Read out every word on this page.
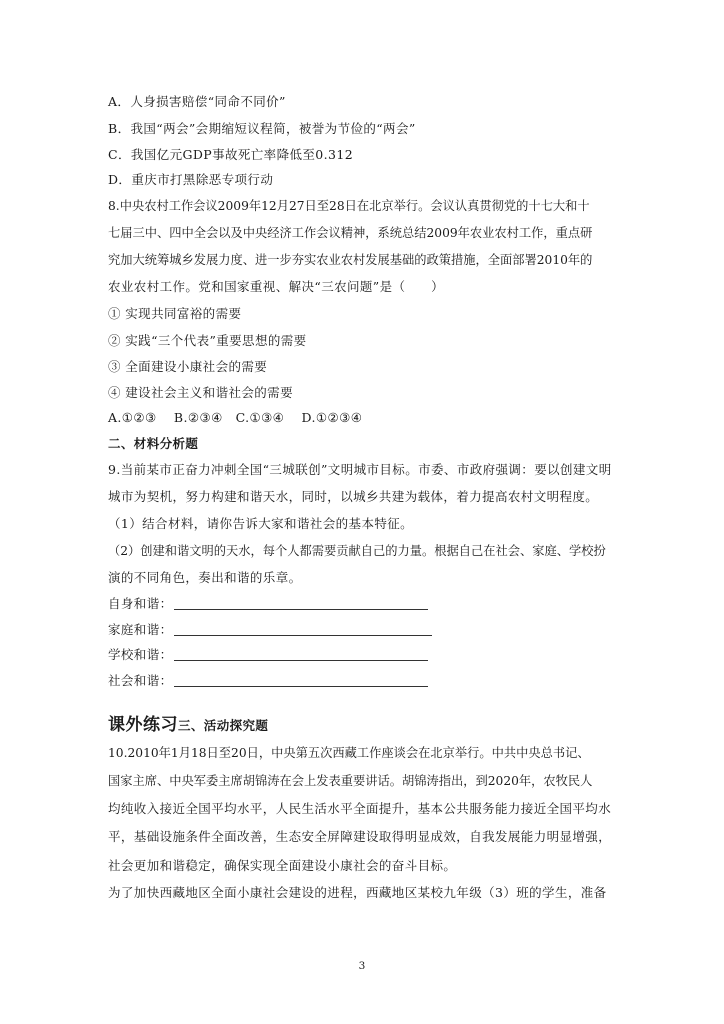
A．人身损害赔偿“同命不同价”
B．我国“两会”会期缩短议程简，被誉为节俭的“两会”
C．我国亿元GDP事故死亡率降低至0.312
D．重庆市打黑除恶专项行动
8.中央农村工作会议2009年12月27日至28日在北京举行。会议认真贯彻党的十七大和十
七届三中、四中全会以及中央经济工作会议精神，系统总结2009年农业农村工作，重点研
究加大统筹城乡发展力度、进一步夯实农业农村发展基础的政策措施，全面部署2010年的
农业农村工作。党和国家重视、解决“三农问题”是（　　）
① 实现共同富裕的需要
② 实践“三个代表”重要思想的需要
③ 全面建设小康社会的需要
④ 建设社会主义和谐社会的需要
A.①②③　 B.②③④　C.①③④　 D.①②③④
二、材料分析题
9.当前某市正奋力冲刺全国“三城联创”文明城市目标。市委、市政府强调：要以创建文明
城市为契机，努力构建和谐天水，同时，以城乡共建为载体，着力提高农村文明程度。
（1）结合材料，请你告诉大家和谐社会的基本特征。
（2）创建和谐文明的天水，每个人都需要贡献自己的力量。根据自己在社会、家庭、学校扮
演的不同角色，奏出和谐的乐章。
自身和谐：
家庭和谐：
学校和谐：
社会和谐：
课外练习三、活动探究题
10.2010年1月18日至20日，中央第五次西藏工作座谈会在北京举行。中共中央总书记、
国家主席、中央军委主席胡锦涛在会上发表重要讲话。胡锦涛指出，到2020年，农牧民人
均纯收入接近全国平均水平，人民生活水平全面提升，基本公共服务能力接近全国平均水
平，基础设施条件全面改善，生态安全屏障建设取得明显成效，自我发展能力明显增强，
社会更加和谐稳定，确保实现全面建设小康社会的奋斗目标。
为了加快西藏地区全面小康社会建设的进程，西藏地区某校九年级（3）班的学生，准备
3
